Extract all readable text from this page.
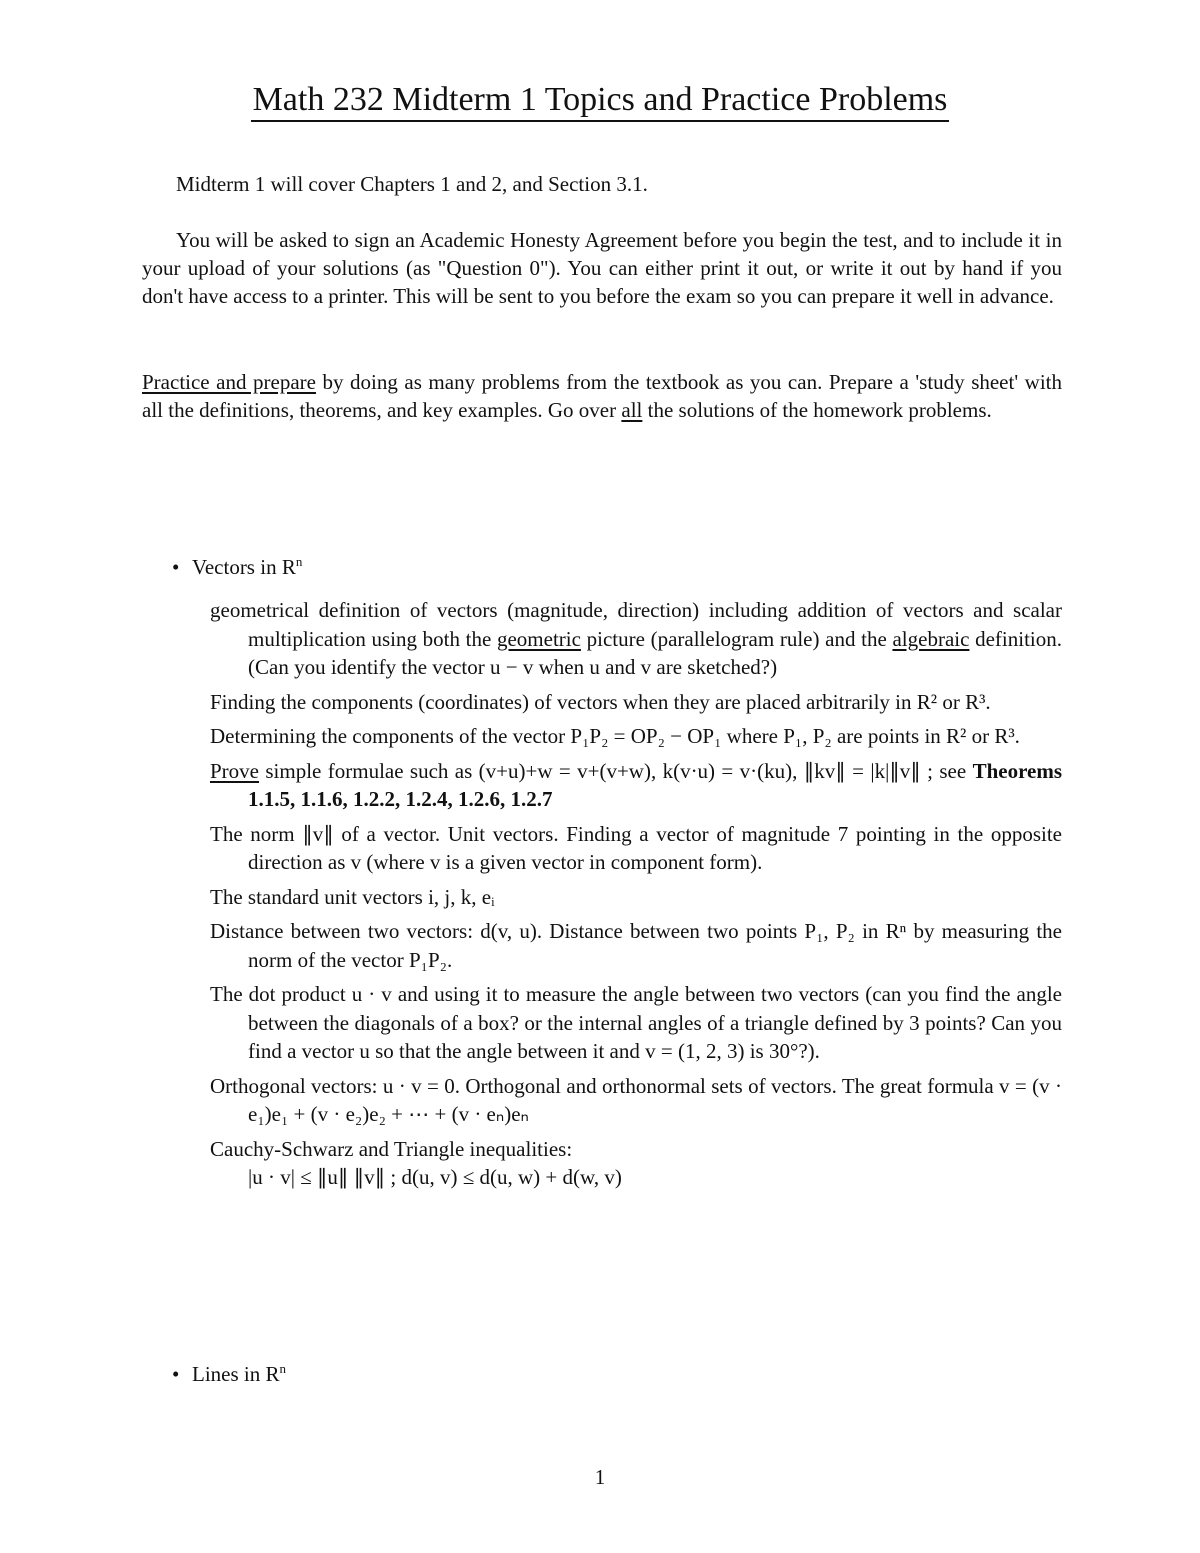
Math 232 Midterm 1 Topics and Practice Problems

Midterm 1 will cover Chapters 1 and 2, and Section 3.1.

You will be asked to sign an Academic Honesty Agreement before you begin the test, and to include it in your upload of your solutions (as "Question 0"). You can either print it out, or write it out by hand if you don't have access to a printer. This will be sent to you before the exam so you can prepare it well in advance.

Practice and prepare by doing as many problems from the textbook as you can. Prepare a 'study sheet' with all the definitions, theorems, and key examples. Go over all the solutions of the homework problems.

• Vectors in $R^n$

geometrical definition of vectors (magnitude, direction) including addition of vectors and scalar multiplication using both the geometric picture (parallelogram rule) and the algebraic definition. (Can you identify the vector u − v when u and v are sketched?)

Finding the components (coordinates) of vectors when they are placed arbitrarily in R² or R³.

Determining the components of the vector P₁P₂ = OP₂ − OP₁ where P₁, P₂ are points in R² or R³.

Prove simple formulae such as (v+u)+w = v+(v+w), k(v·u) = v·(ku), ∥kv∥ = |k|∥v∥ ; see Theorems 1.1.5, 1.1.6, 1.2.2, 1.2.4, 1.2.6, 1.2.7

The norm ∥v∥ of a vector. Unit vectors. Finding a vector of magnitude 7 pointing in the opposite direction as v (where v is a given vector in component form).

The standard unit vectors i, j, k, eᵢ

Distance between two vectors: d(v, u). Distance between two points P₁, P₂ in Rⁿ by measuring the norm of the vector P₁P₂.

The dot product u · v and using it to measure the angle between two vectors (can you find the angle between the diagonals of a box? or the internal angles of a triangle defined by 3 points? Can you find a vector u so that the angle between it and v = (1, 2, 3) is 30°?).

Orthogonal vectors: u · v = 0. Orthogonal and orthonormal sets of vectors. The great formula v = (v · e₁)e₁ + (v · e₂)e₂ + ⋯ + (v · eₙ)eₙ

Cauchy-Schwarz and Triangle inequalities:
|u · v| ≤ ∥u∥ ∥v∥ ; d(u, v) ≤ d(u, w) + d(w, v)

• Lines in $R^n$
1
